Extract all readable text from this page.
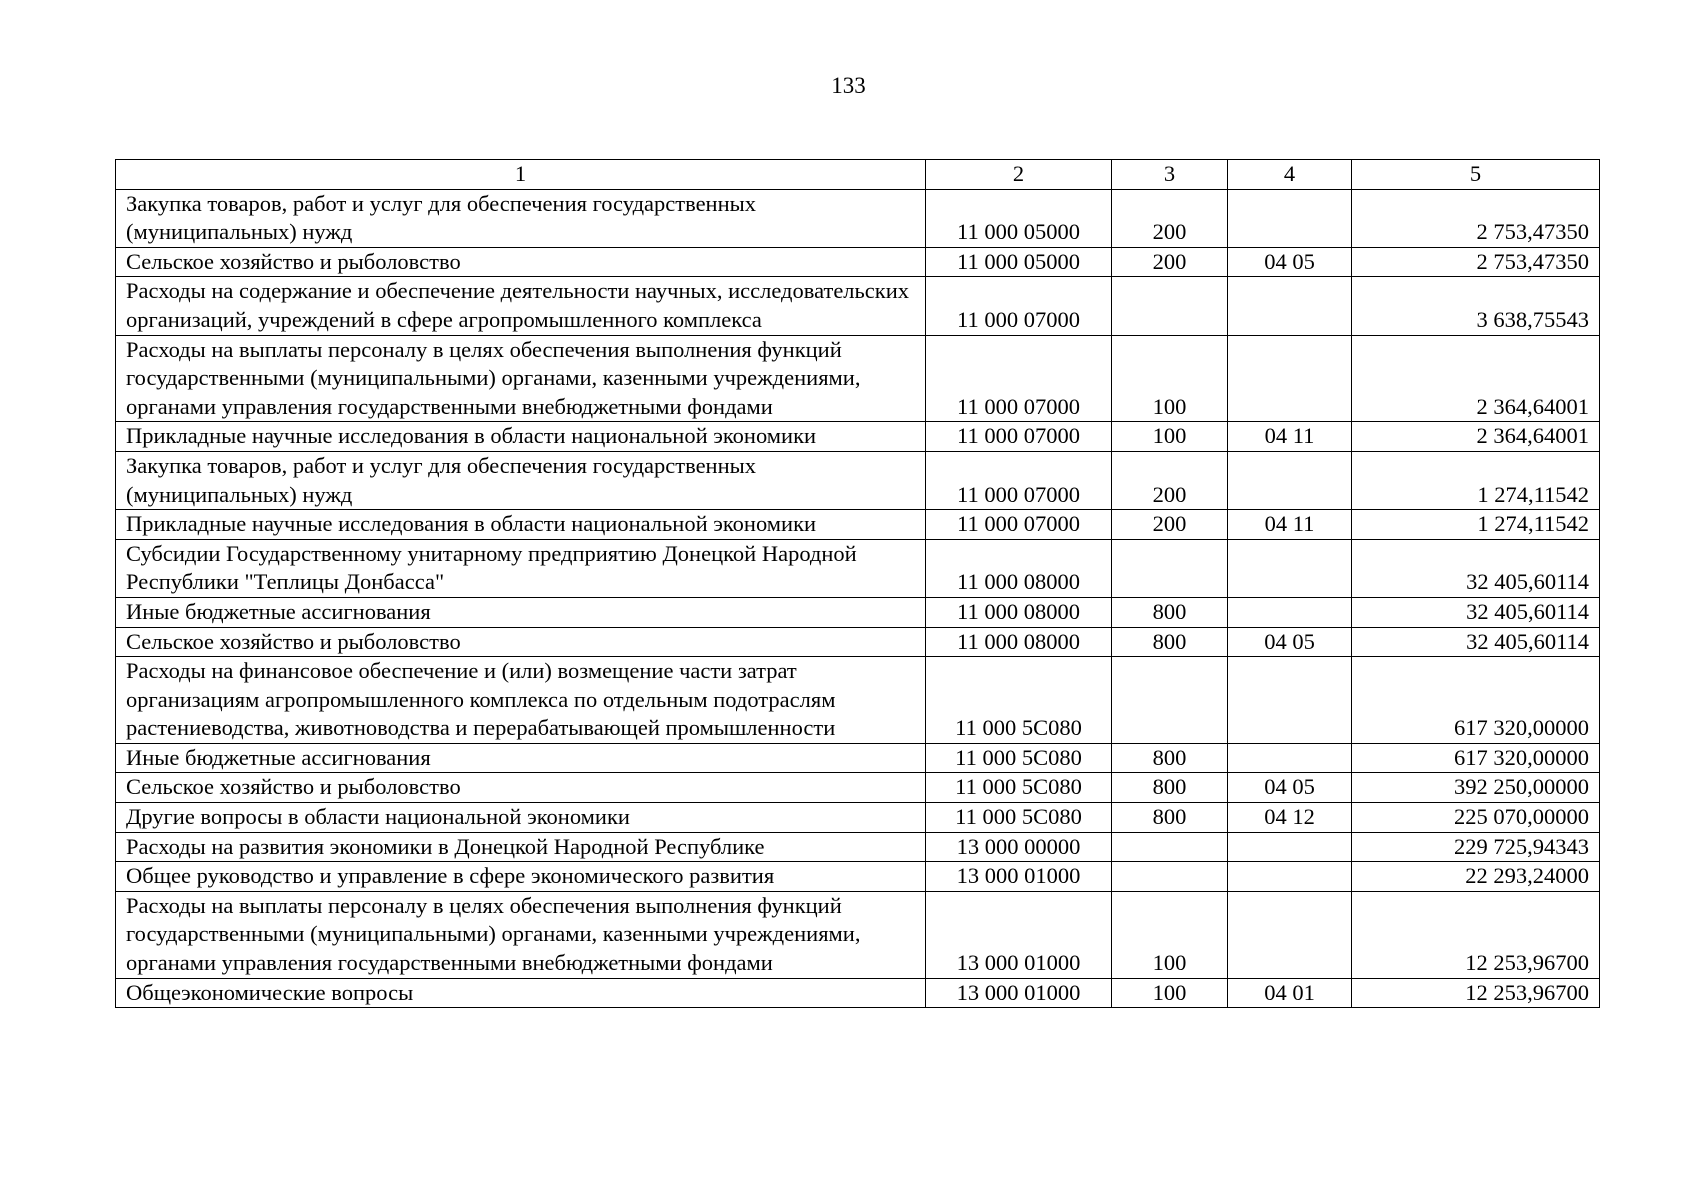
133
1	2	3	4	5
Закупка товаров, работ и услуг для обеспечения государственных (муниципальных) нужд	11 000 05000	200		2 753,47350
Сельское хозяйство и рыболовство	11 000 05000	200	04 05	2 753,47350
Расходы на содержание и обеспечение деятельности научных, исследовательских организаций, учреждений в сфере агропромышленного комплекса	11 000 07000			3 638,75543
Расходы на выплаты персоналу в целях обеспечения выполнения функций государственными (муниципальными) органами, казенными учреждениями, органами управления государственными внебюджетными фондами	11 000 07000	100		2 364,64001
Прикладные научные исследования в области национальной экономики	11 000 07000	100	04 11	2 364,64001
Закупка товаров, работ и услуг для обеспечения государственных (муниципальных) нужд	11 000 07000	200		1 274,11542
Прикладные научные исследования в области национальной экономики	11 000 07000	200	04 11	1 274,11542
Субсидии Государственному унитарному предприятию Донецкой Народной Республики "Теплицы Донбасса"	11 000 08000			32 405,60114
Иные бюджетные ассигнования	11 000 08000	800		32 405,60114
Сельское хозяйство и рыболовство	11 000 08000	800	04 05	32 405,60114
Расходы на финансовое обеспечение и (или) возмещение части затрат организациям агропромышленного комплекса по отдельным подотраслям растениеводства, животноводства и перерабатывающей промышленности	11 000 5С080			617 320,00000
Иные бюджетные ассигнования	11 000 5С080	800		617 320,00000
Сельское хозяйство и рыболовство	11 000 5С080	800	04 05	392 250,00000
Другие вопросы в области национальной экономики	11 000 5С080	800	04 12	225 070,00000
Расходы на развития экономики в Донецкой Народной Республике	13 000 00000			229 725,94343
Общее руководство и управление в сфере экономического развития	13 000 01000			22 293,24000
Расходы на выплаты персоналу в целях обеспечения выполнения функций государственными (муниципальными) органами, казенными учреждениями, органами управления государственными внебюджетными фондами	13 000 01000	100		12 253,96700
Общеэкономические вопросы	13 000 01000	100	04 01	12 253,96700
